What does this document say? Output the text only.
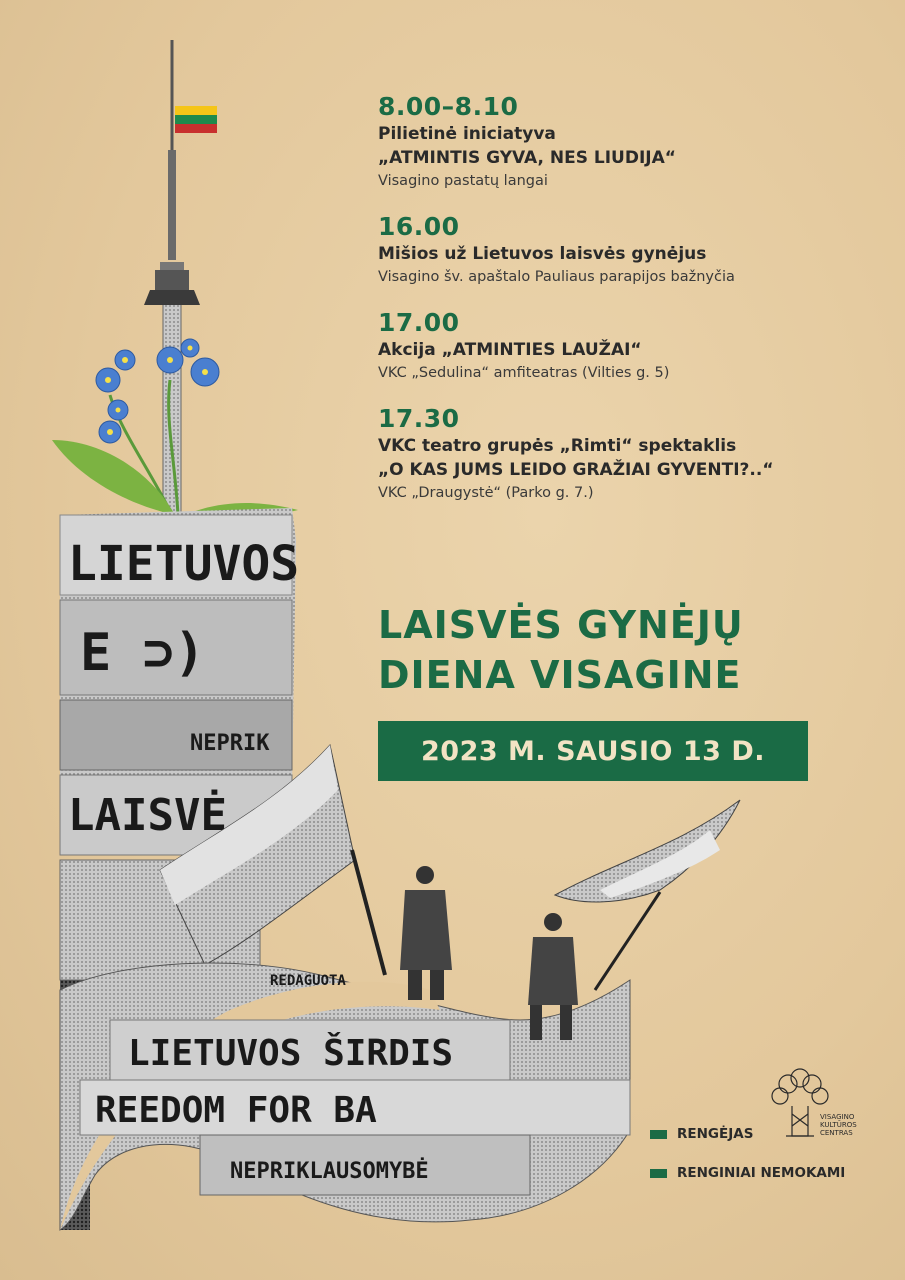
LIETUVOS
LAISVĖ
NEPRIK
E ⊃)
LIETUVOS ŠIRDIS
REEDOM FOR BA
NEPRIKLAUSOMYBĖ
REDAGUOTA
8.00–8.10
Pilietinė iniciatyva
„ATMINTIS GYVA, NES LIUDIJA“
Visagino pastatų langai
16.00
Mišios už Lietuvos laisvės gynėjus
Visagino šv. apaštalo Pauliaus parapijos bažnyčia
17.00
Akcija „ATMINTIES LAUŽAI“
VKC „Sedulina“ amfiteatras (Vilties g. 5)
17.30
VKC teatro grupės „Rimti“ spektaklis
„O KAS JUMS LEIDO GRAŽIAI GYVENTI?..“
VKC „Draugystė“ (Parko g. 7.)
LAISVĖS GYNĖJŲ
DIENA VISAGINE
2023 M. SAUSIO 13 D.
RENGĖJAS
RENGINIAI NEMOKAMI
VISAGINO
KULTŪROS
CENTRAS
